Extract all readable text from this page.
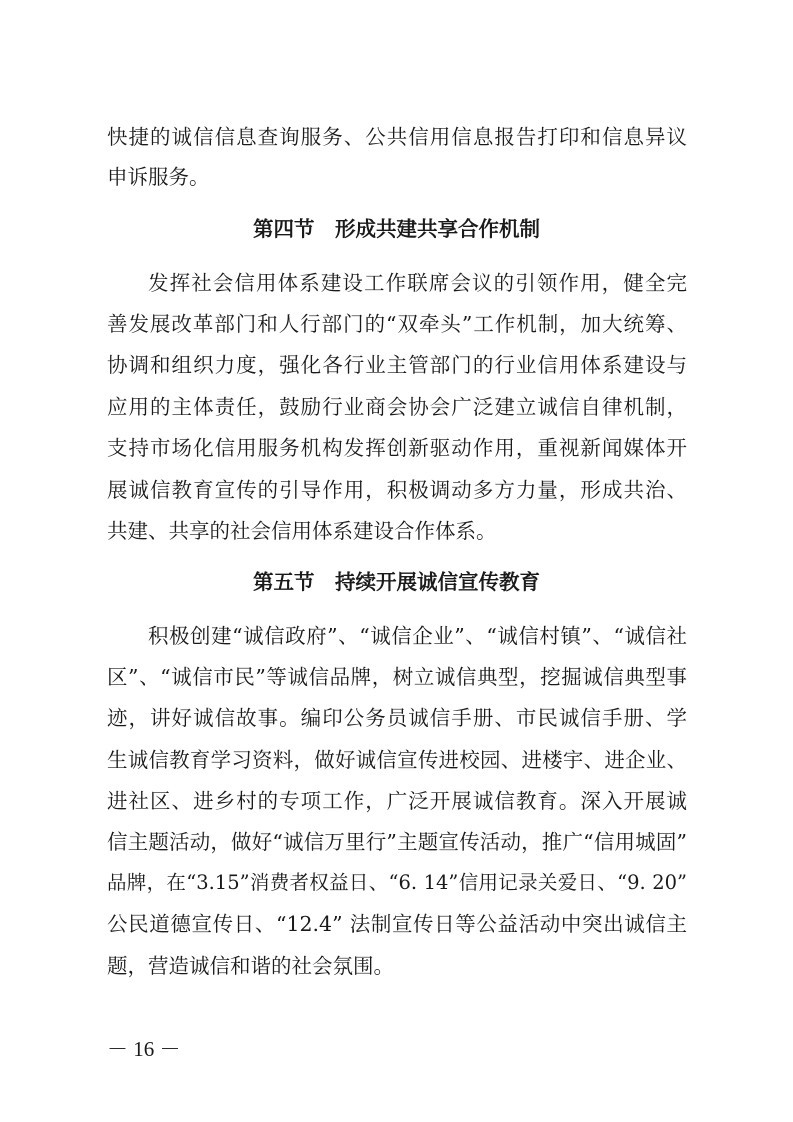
快捷的诚信信息查询服务、公共信用信息报告打印和信息异议
申诉服务。
第四节　形成共建共享合作机制
发挥社会信用体系建设工作联席会议的引领作用，健全完
善发展改革部门和人行部门的“双牵头”工作机制，加大统筹、
协调和组织力度，强化各行业主管部门的行业信用体系建设与
应用的主体责任，鼓励行业商会协会广泛建立诚信自律机制，
支持市场化信用服务机构发挥创新驱动作用，重视新闻媒体开
展诚信教育宣传的引导作用，积极调动多方力量，形成共治、
共建、共享的社会信用体系建设合作体系。
第五节　持续开展诚信宣传教育
积极创建“诚信政府”、“诚信企业”、“诚信村镇”、“诚信社
区”、“诚信市民”等诚信品牌，树立诚信典型，挖掘诚信典型事
迹，讲好诚信故事。编印公务员诚信手册、市民诚信手册、学
生诚信教育学习资料，做好诚信宣传进校园、进楼宇、进企业、
进社区、进乡村的专项工作，广泛开展诚信教育。深入开展诚
信主题活动，做好“诚信万里行”主题宣传活动，推广“信用城固”
品牌，在“3.15”消费者权益日、“6. 14”信用记录关爱日、“9. 20”
公民道德宣传日、“12.4” 法制宣传日等公益活动中突出诚信主
题，营造诚信和谐的社会氛围。
－ 16 －
